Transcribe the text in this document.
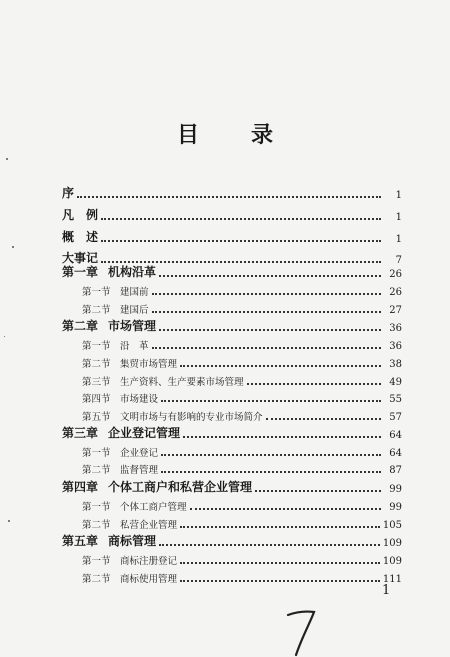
目 录
序	1
凡　例	1
概　述	1
大事记	7
第一章 机构沿革	26
第一节 建国前	26
第二节 建国后	27
第二章 市场管理	36
第一节 沿　革	36
第二节 集贸市场管理	38
第三节 生产资料、生产要素市场管理	49
第四节 市场建设	55
第五节 文明市场与有影响的专业市场简介	57
第三章 企业登记管理	64
第一节 企业登记	64
第二节 监督管理	87
第四章 个体工商户和私营企业管理	99
第一节 个体工商户管理	99
第二节 私营企业管理	105
第五章 商标管理	109
第一节 商标注册登记	109
第二节 商标使用管理	111
1
